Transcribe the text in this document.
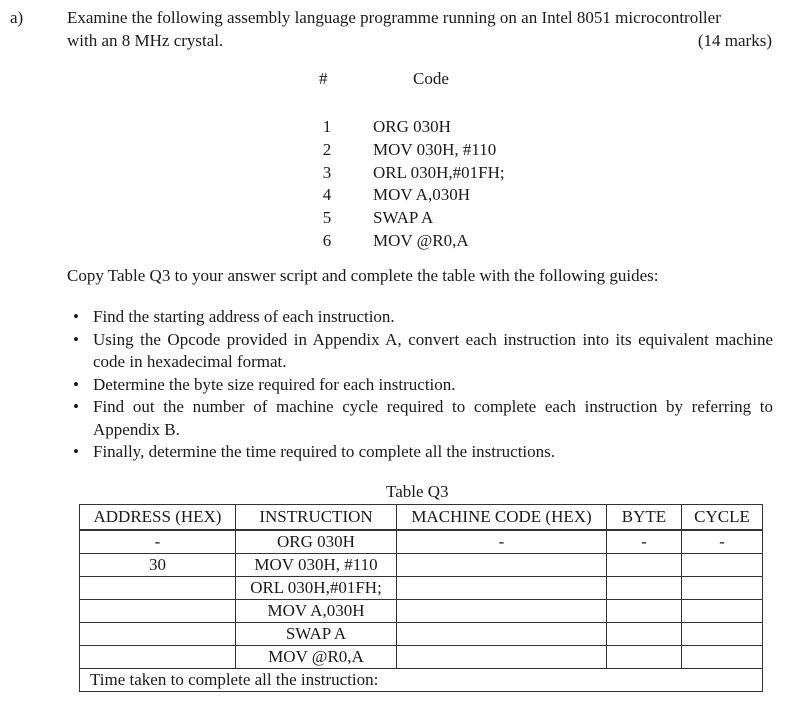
a)	Examine the following assembly language programme running on an Intel 8051 microcontroller
with an 8 MHz crystal.	(14 marks)
#	Code
1 ORG 030H
2 MOV 030H, #110
3 ORL 030H,#01FH;
4 MOV A,030H
5 SWAP A
6 MOV @R0,A
Copy Table Q3 to your answer script and complete the table with the following guides:
• Find the starting address of each instruction.
• Using the Opcode provided in Appendix A, convert each instruction into its equivalent machine code in hexadecimal format.
• Determine the byte size required for each instruction.
• Find out the number of machine cycle required to complete each instruction by referring to Appendix B.
• Finally, determine the time required to complete all the instructions.
Table Q3
ADDRESS (HEX)	INSTRUCTION	MACHINE CODE (HEX)	BYTE	CYCLE
-	ORG 030H	-	-	-
30	MOV 030H, #110			
	ORL 030H,#01FH;			
	MOV A,030H			
	SWAP A			
	MOV @R0,A			
Time taken to complete all the instruction:				
